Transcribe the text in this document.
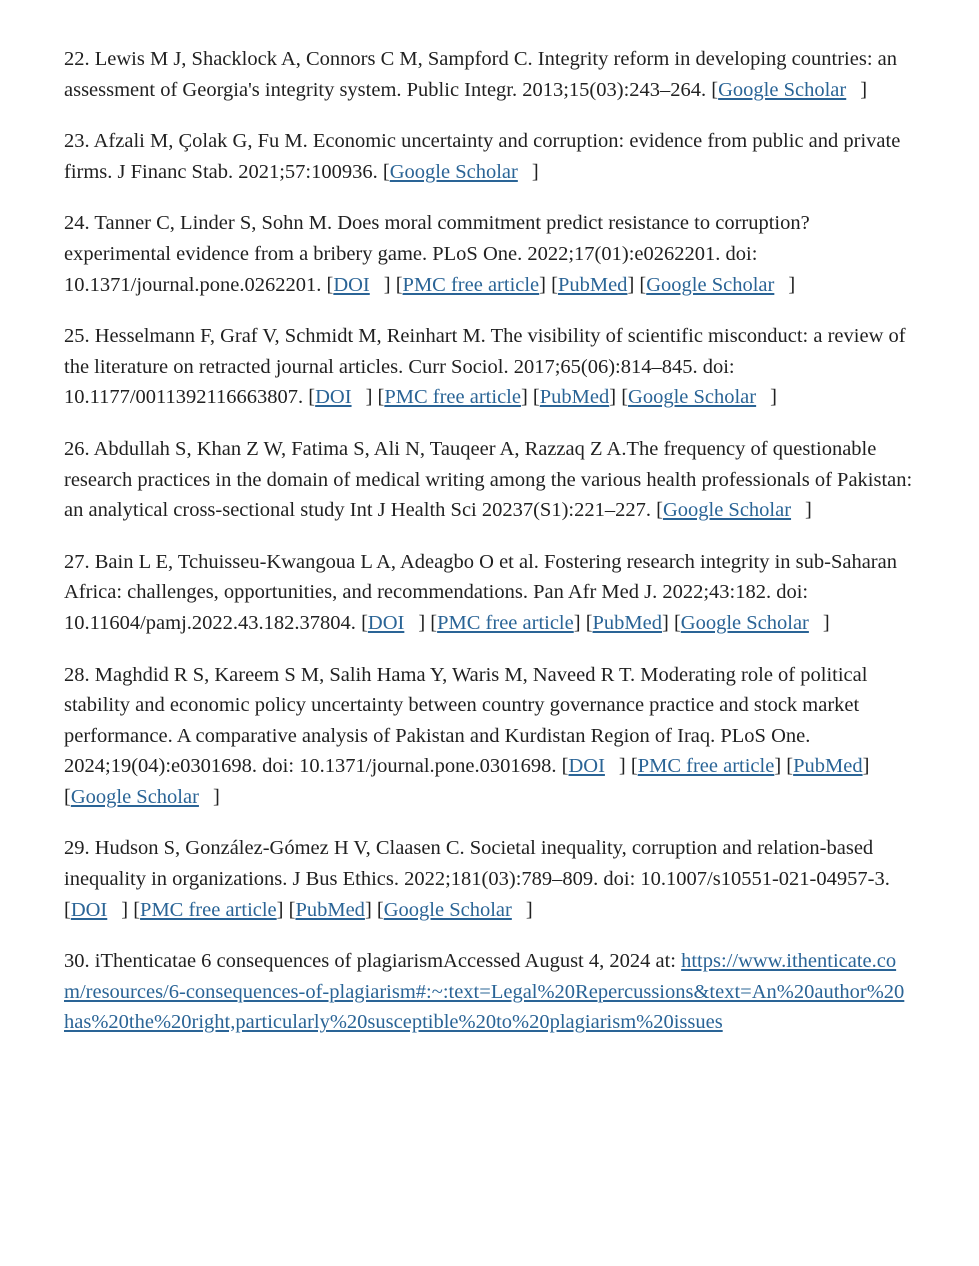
22. Lewis M J, Shacklock A, Connors C M, Sampford C. Integrity reform in developing countries: an assessment of Georgia's integrity system. Public Integr. 2013;15(03):243–264. [Google Scholar ]
23. Afzali M, Çolak G, Fu M. Economic uncertainty and corruption: evidence from public and private firms. J Financ Stab. 2021;57:100936. [Google Scholar ]
24. Tanner C, Linder S, Sohn M. Does moral commitment predict resistance to corruption? experimental evidence from a bribery game. PLoS One. 2022;17(01):e0262201. doi: 10.1371/journal.pone.0262201. [DOI ] [PMC free article] [PubMed] [Google Scholar ]
25. Hesselmann F, Graf V, Schmidt M, Reinhart M. The visibility of scientific misconduct: a review of the literature on retracted journal articles. Curr Sociol. 2017;65(06):814–845. doi: 10.1177/0011392116663807. [DOI ] [PMC free article] [PubMed] [Google Scholar ]
26. Abdullah S, Khan Z W, Fatima S, Ali N, Tauqeer A, Razzaq Z A.The frequency of questionable research practices in the domain of medical writing among the various health professionals of Pakistan: an analytical cross-sectional study Int J Health Sci 20237(S1):221–227. [Google Scholar ]
27. Bain L E, Tchuisseu-Kwangoua L A, Adeagbo O et al. Fostering research integrity in sub-Saharan Africa: challenges, opportunities, and recommendations. Pan Afr Med J. 2022;43:182. doi: 10.11604/pamj.2022.43.182.37804. [DOI ] [PMC free article] [PubMed] [Google Scholar ]
28. Maghdid R S, Kareem S M, Salih Hama Y, Waris M, Naveed R T. Moderating role of political stability and economic policy uncertainty between country governance practice and stock market performance. A comparative analysis of Pakistan and Kurdistan Region of Iraq. PLoS One. 2024;19(04):e0301698. doi: 10.1371/journal.pone.0301698. [DOI ] [PMC free article] [PubMed] [Google Scholar ]
29. Hudson S, González-Gómez H V, Claasen C. Societal inequality, corruption and relation-based inequality in organizations. J Bus Ethics. 2022;181(03):789–809. doi: 10.1007/s10551-021-04957-3. [DOI ] [PMC free article] [PubMed] [Google Scholar ]
30. iThenticatae 6 consequences of plagiarismAccessed August 4, 2024 at: https://www.ithenticate.com/resources/6-consequences-of-plagiarism#:~:text=Legal%20Repercussions&text=An%20author%20has%20the%20right,particularly%20susceptible%20to%20plagiarism%20issues
